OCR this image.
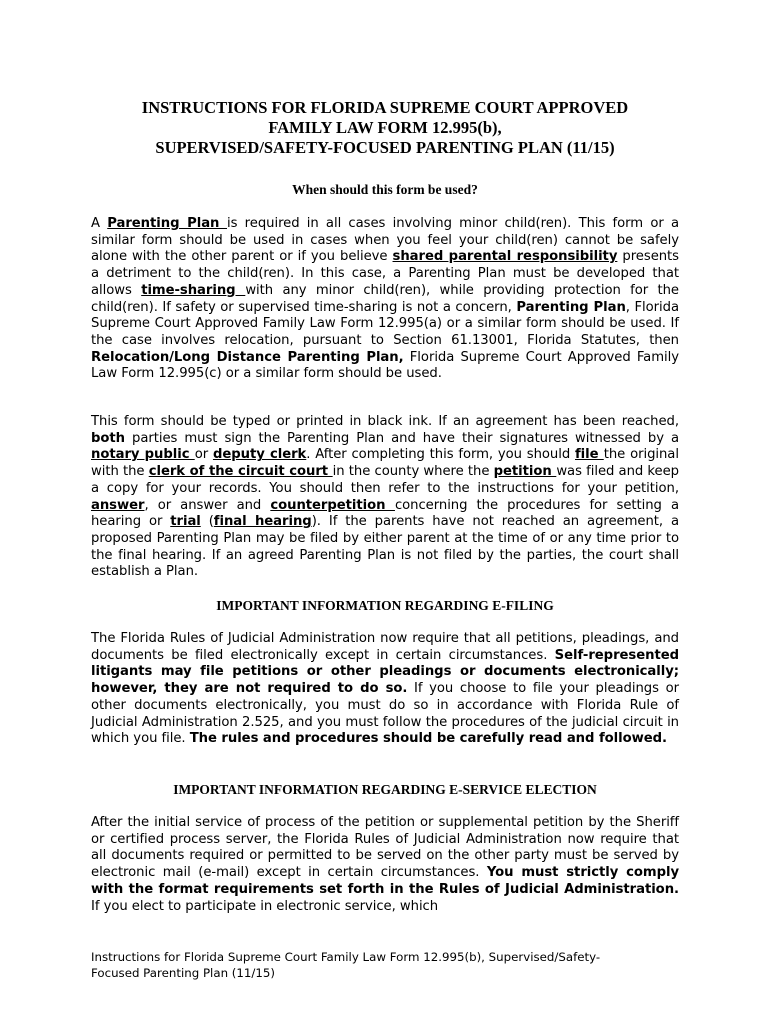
INSTRUCTIONS FOR FLORIDA SUPREME COURT APPROVED
FAMILY LAW FORM 12.995(b),
SUPERVISED/SAFETY-FOCUSED PARENTING PLAN (11/15)
When should this form be used?

A Parenting Plan is required in all cases involving minor child(ren). This form or a similar form should be used in cases when you feel your child(ren) cannot be safely alone with the other parent or if you believe shared parental responsibility presents a detriment to the child(ren). In this case, a Parenting Plan must be developed that allows time-sharing with any minor child(ren), while providing protection for the child(ren). If safety or supervised time-sharing is not a concern, Parenting Plan, Florida Supreme Court Approved Family Law Form 12.995(a) or a similar form should be used. If the case involves relocation, pursuant to Section 61.13001, Florida Statutes, then Relocation/Long Distance Parenting Plan, Florida Supreme Court Approved Family Law Form 12.995(c) or a similar form should be used.

This form should be typed or printed in black ink. If an agreement has been reached, both parties must sign the Parenting Plan and have their signatures witnessed by a notary public or deputy clerk. After completing this form, you should file the original with the clerk of the circuit court in the county where the petition was filed and keep a copy for your records. You should then refer to the instructions for your petition, answer, or answer and counterpetition concerning the procedures for setting a hearing or trial (final hearing). If the parents have not reached an agreement, a proposed Parenting Plan may be filed by either parent at the time of or any time prior to the final hearing. If an agreed Parenting Plan is not filed by the parties, the court shall establish a Plan.

IMPORTANT INFORMATION REGARDING E-FILING

The Florida Rules of Judicial Administration now require that all petitions, pleadings, and documents be filed electronically except in certain circumstances. Self-represented litigants may file petitions or other pleadings or documents electronically; however, they are not required to do so. If you choose to file your pleadings or other documents electronically, you must do so in accordance with Florida Rule of Judicial Administration 2.525, and you must follow the procedures of the judicial circuit in which you file. The rules and procedures should be carefully read and followed.

IMPORTANT INFORMATION REGARDING E-SERVICE ELECTION

After the initial service of process of the petition or supplemental petition by the Sheriff or certified process server, the Florida Rules of Judicial Administration now require that all documents required or permitted to be served on the other party must be served by electronic mail (e-mail) except in certain circumstances. You must strictly comply with the format requirements set forth in the Rules of Judicial Administration. If you elect to participate in electronic service, which

Instructions for Florida Supreme Court Family Law Form 12.995(b), Supervised/Safety-
Focused Parenting Plan (11/15)
